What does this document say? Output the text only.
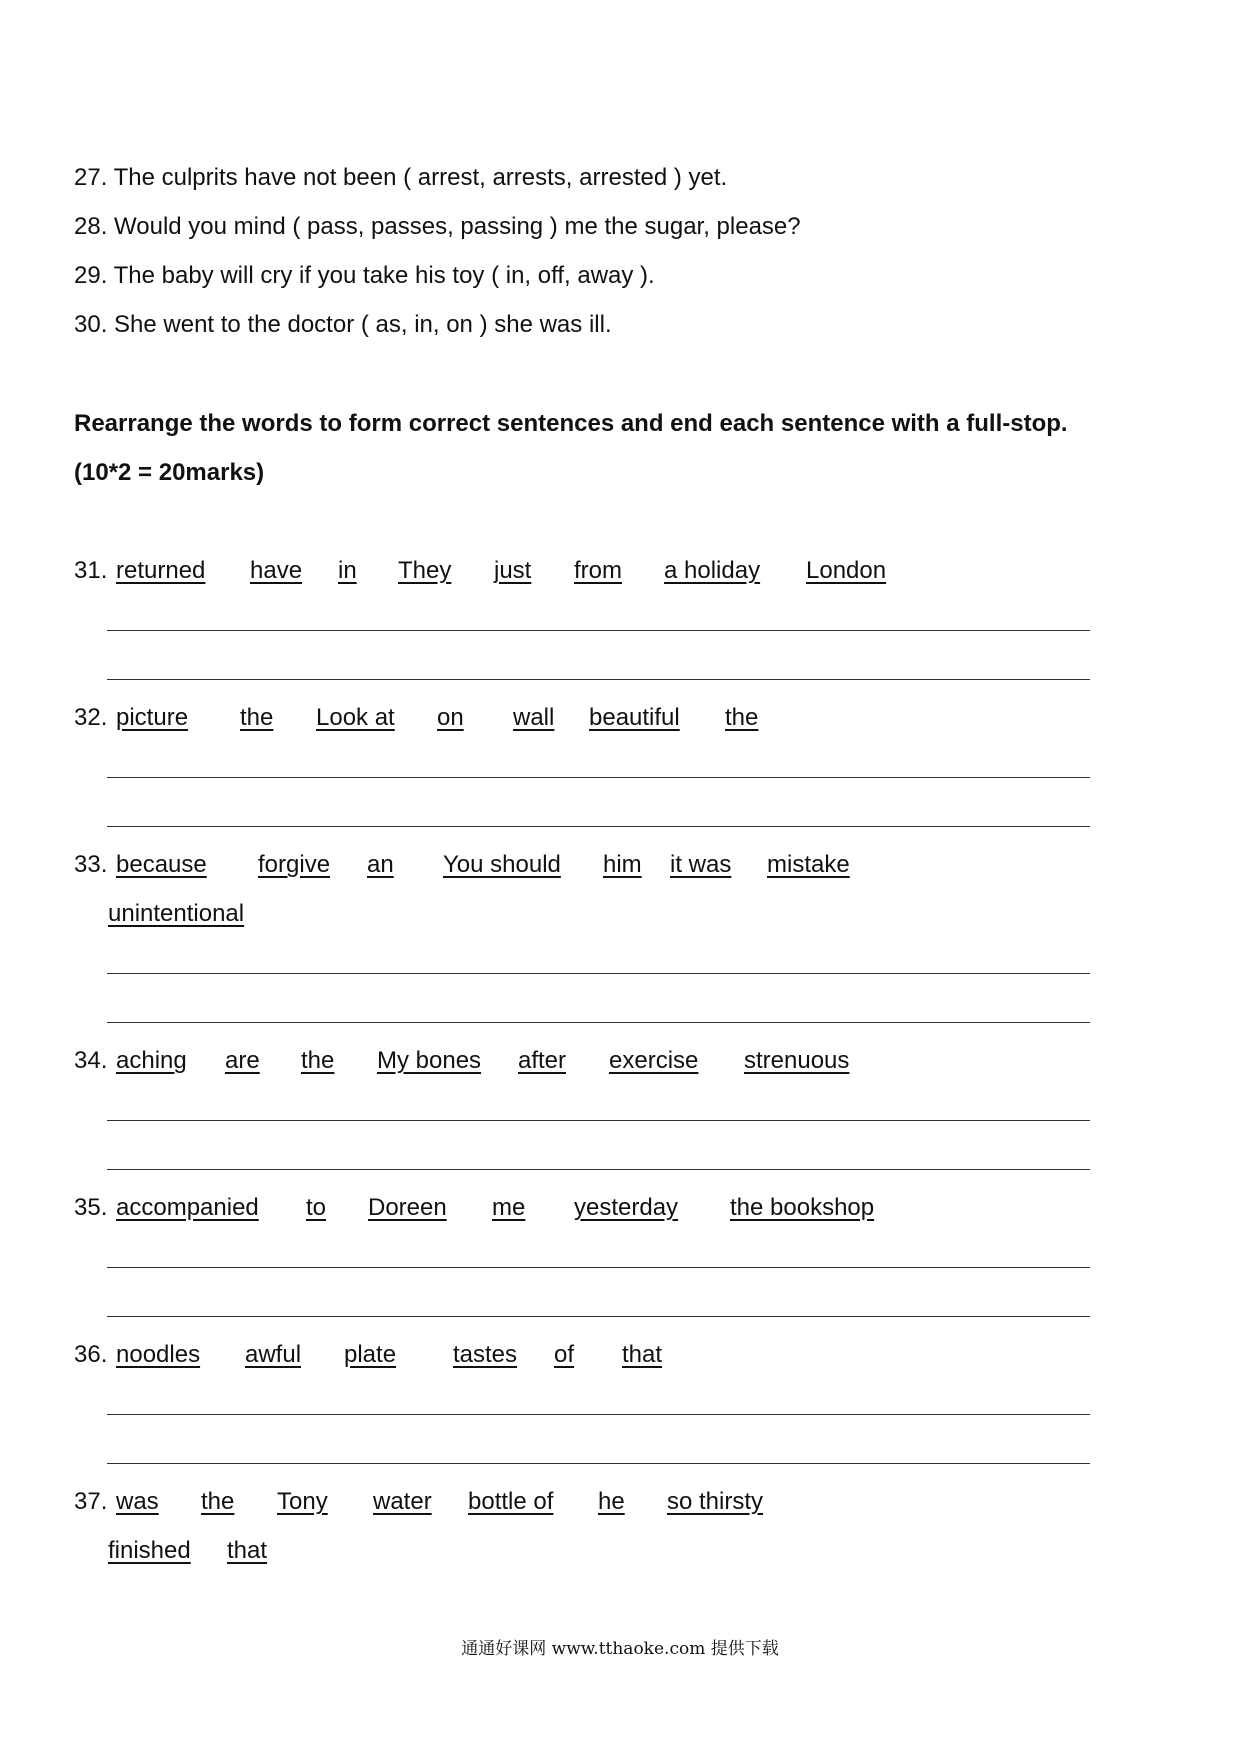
27. The culprits have not been ( arrest, arrests, arrested ) yet.
28. Would you mind ( pass, passes, passing ) me the sugar, please?
29. The baby will cry if you take his toy ( in, off, away ).
30. She went to the doctor ( as, in, on ) she was ill.
Rearrange the words to form correct sentences and end each sentence with a full-stop.
(10*2 = 20marks)
31. returned have in They just from a holiday London
32. picture the Look at on wall beautiful the
33. because forgive an You should him it was mistake
unintentional
34. aching are the My bones after exercise strenuous
35. accompanied to Doreen me yesterday the bookshop
36. noodles awful plate tastes of that
37. was the Tony water bottle of he so thirsty
finished that
通通好课网 www.tthaoke.com 提供下载
